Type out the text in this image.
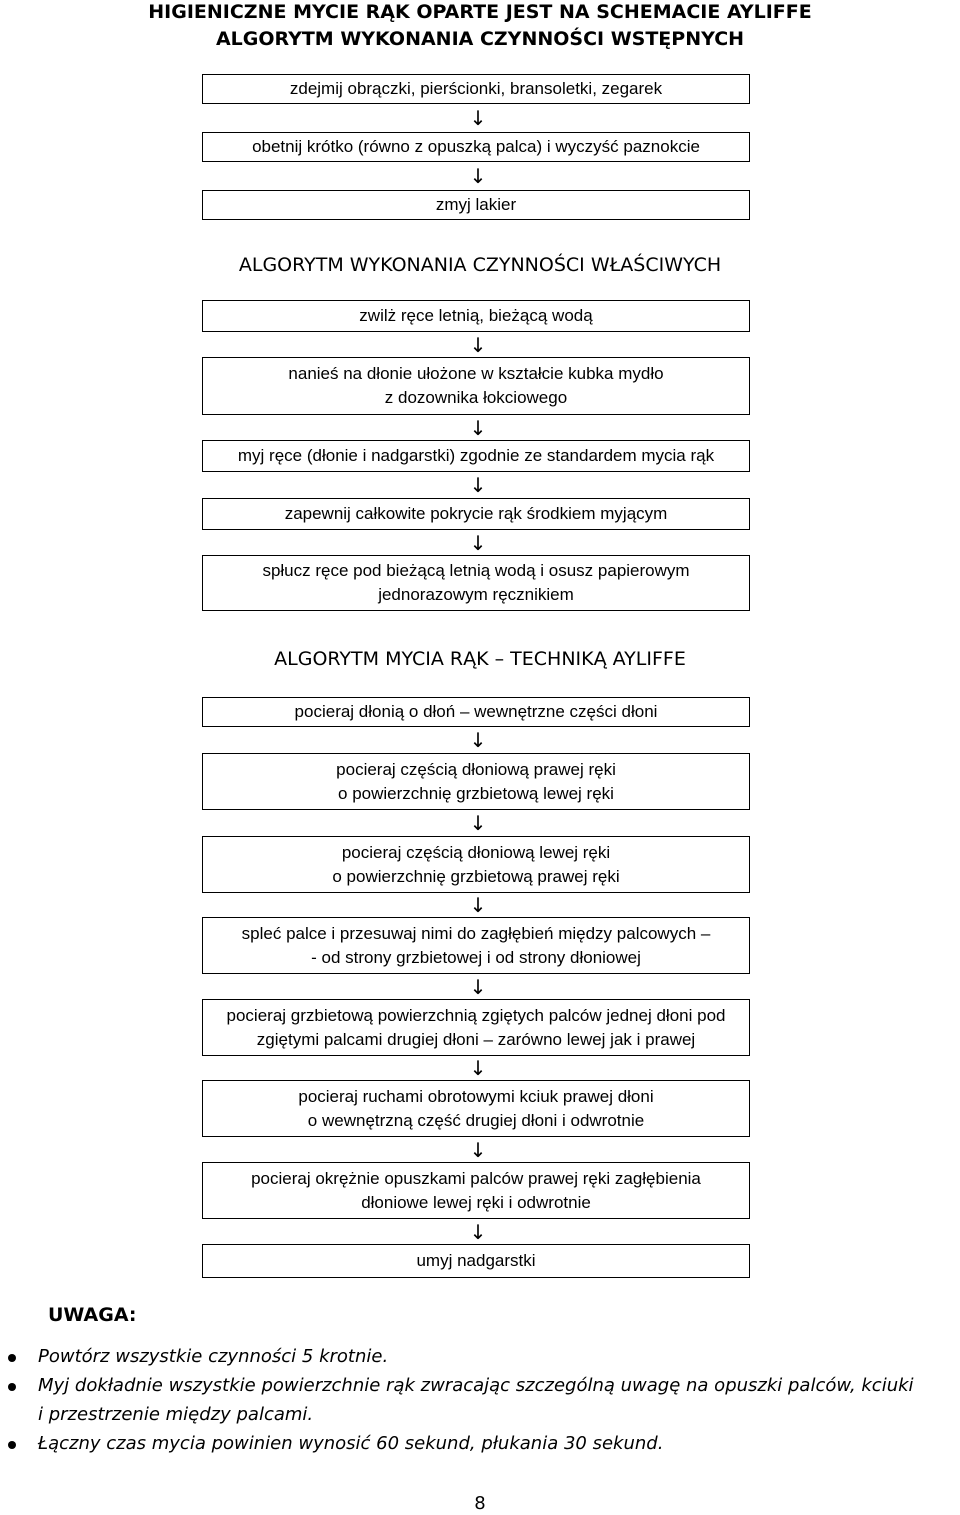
HIGIENICZNE MYCIE RĄK OPARTE JEST NA SCHEMACIE AYLIFFE
ALGORYTM WYKONANIA CZYNNOŚCI WSTĘPNYCH
zdejmij obrączki, pierścionki, bransoletki, zegarek
↓
obetnij krótko (równo z opuszką palca) i wyczyść paznokcie
↓
zmyj lakier
ALGORYTM WYKONANIA CZYNNOŚCI WŁAŚCIWYCH
zwilż ręce letnią, bieżącą wodą
↓
nanieś na dłonie ułożone w kształcie kubka mydło
z dozownika łokciowego
↓
myj ręce (dłonie i nadgarstki) zgodnie ze standardem mycia rąk
↓
zapewnij całkowite pokrycie rąk środkiem myjącym
↓
spłucz ręce pod bieżącą letnią wodą i osusz papierowym
jednorazowym ręcznikiem
ALGORYTM MYCIA RĄK – TECHNIKĄ AYLIFFE
pocieraj dłonią o dłoń – wewnętrzne części dłoni
↓
pocieraj częścią dłoniową prawej ręki
o powierzchnię grzbietową lewej ręki
↓
pocieraj częścią dłoniową lewej ręki
o powierzchnię grzbietową prawej ręki
↓
spleć palce i przesuwaj nimi do zagłębień między palcowych –
- od strony grzbietowej i od strony dłoniowej
↓
pocieraj grzbietową powierzchnią zgiętych palców jednej dłoni pod
zgiętymi palcami drugiej dłoni – zarówno lewej jak i prawej
↓
pocieraj ruchami obrotowymi kciuk prawej dłoni
o wewnętrzną część drugiej dłoni i odwrotnie
↓
pocieraj okrężnie opuszkami palców prawej ręki zagłębienia
dłoniowe lewej ręki i odwrotnie
↓
umyj nadgarstki
UWAGA:
Powtórz wszystkie czynności 5 krotnie.
Myj dokładnie wszystkie powierzchnie rąk zwracając szczególną uwagę na opuszki palców, kciuki
i przestrzenie między palcami.
Łączny czas mycia powinien wynosić 60 sekund, płukania 30 sekund.
8
